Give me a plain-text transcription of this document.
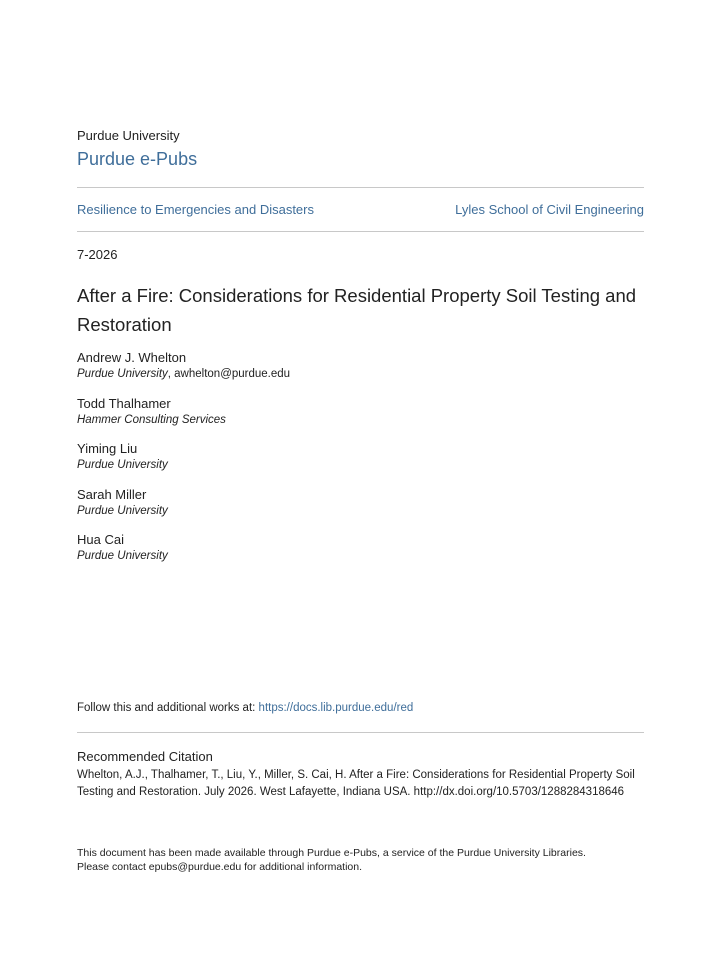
Purdue University
Purdue e-Pubs
Resilience to Emergencies and Disasters	Lyles School of Civil Engineering
7-2026
After a Fire: Considerations for Residential Property Soil Testing and Restoration
Andrew J. Whelton
Purdue University, awhelton@purdue.edu
Todd Thalhamer
Hammer Consulting Services
Yiming Liu
Purdue University
Sarah Miller
Purdue University
Hua Cai
Purdue University
Follow this and additional works at: https://docs.lib.purdue.edu/red
Recommended Citation
Whelton, A.J., Thalhamer, T., Liu, Y., Miller, S. Cai, H. After a Fire: Considerations for Residential Property Soil Testing and Restoration. July 2026. West Lafayette, Indiana USA. http://dx.doi.org/10.5703/1288284318646
This document has been made available through Purdue e-Pubs, a service of the Purdue University Libraries.
Please contact epubs@purdue.edu for additional information.
